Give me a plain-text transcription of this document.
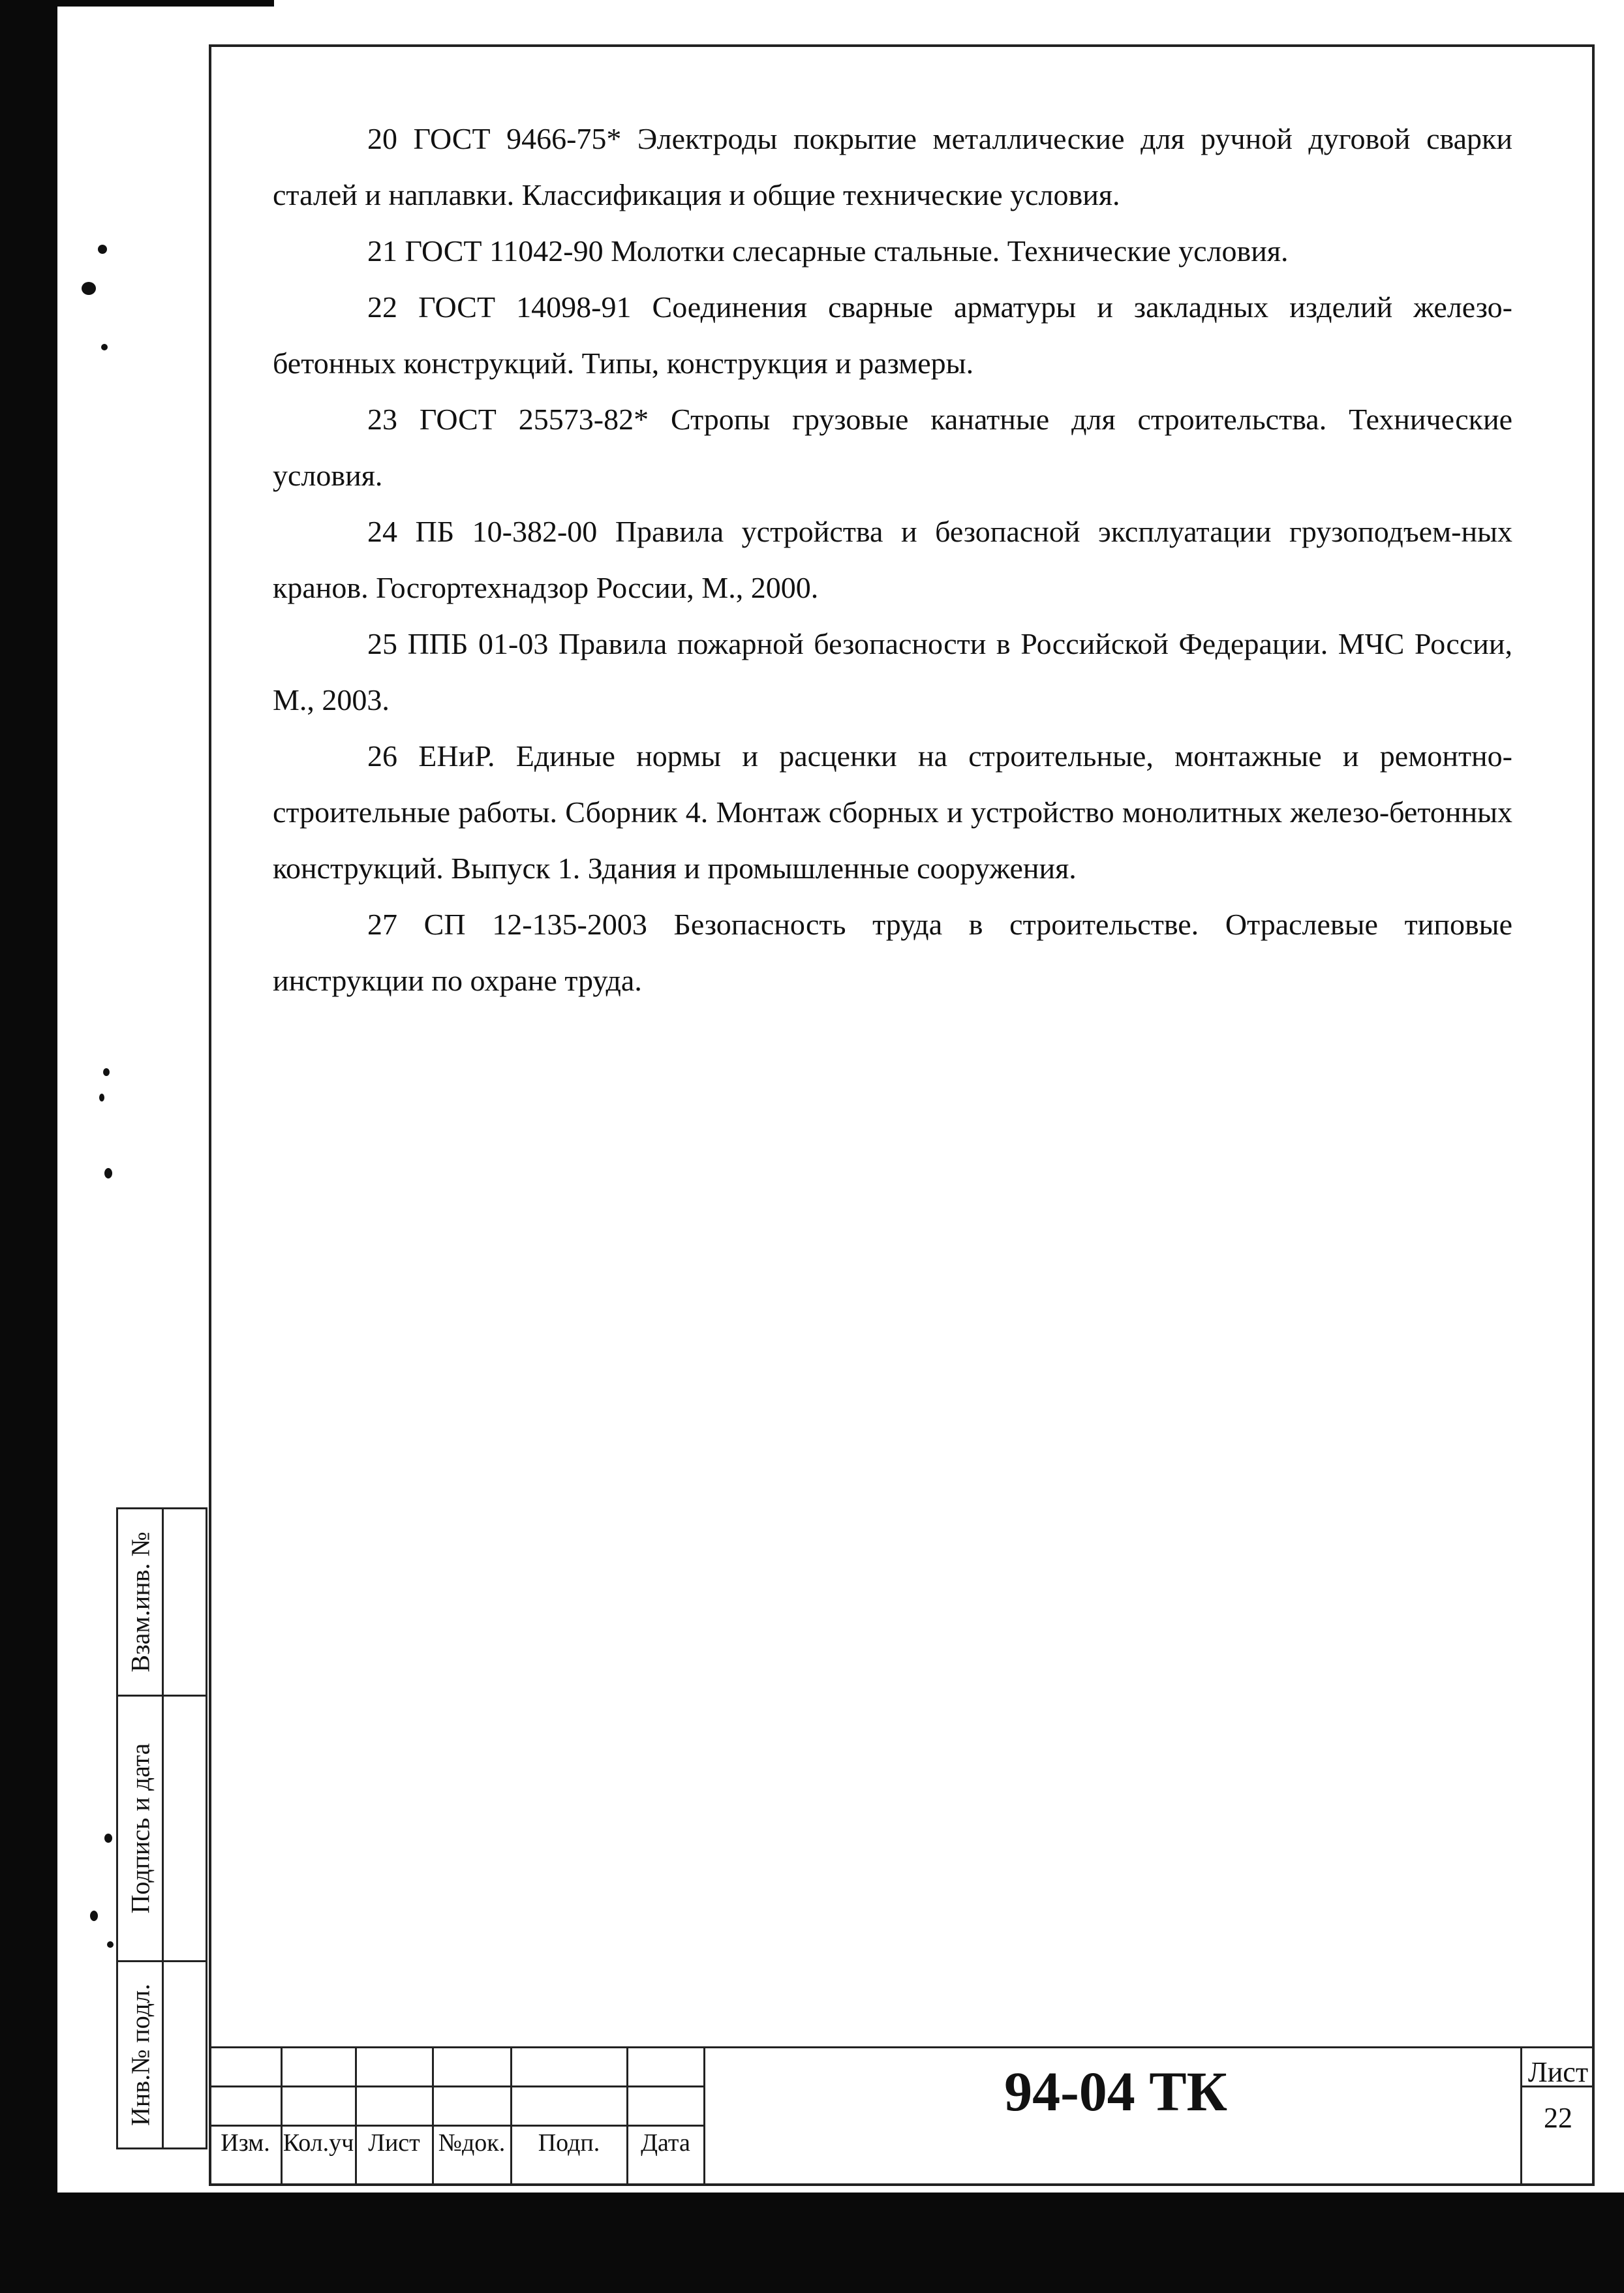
20 ГОСТ 9466-75* Электроды покрытие металлические для ручной дуговой сварки сталей и наплавки. Классификация и общие технические условия.

21 ГОСТ 11042-90 Молотки слесарные стальные. Технические условия.

22 ГОСТ 14098-91 Соединения сварные арматуры и закладных изделий железо-бетонных конструкций. Типы, конструкция и размеры.

23 ГОСТ 25573-82* Стропы грузовые канатные для строительства. Технические условия.

24 ПБ 10-382-00 Правила устройства и безопасной эксплуатации грузоподъем-ных кранов. Госгортехнадзор России, М., 2000.

25 ППБ 01-03 Правила пожарной безопасности в Российской Федерации. МЧС России, М., 2003.

26 ЕНиР. Единые нормы и расценки на строительные, монтажные и ремонтно-строительные работы. Сборник 4. Монтаж сборных и устройство монолитных железо-бетонных конструкций. Выпуск 1. Здания и промышленные сооружения.

27 СП 12-135-2003 Безопасность труда в строительстве. Отраслевые типовые инструкции по охране труда.

Взам.инв. №
Подпись и дата
Инв.№ подл.
Изм. Кол.уч Лист №док.	Подп.	Дата
94-04 ТК	Лист
22
